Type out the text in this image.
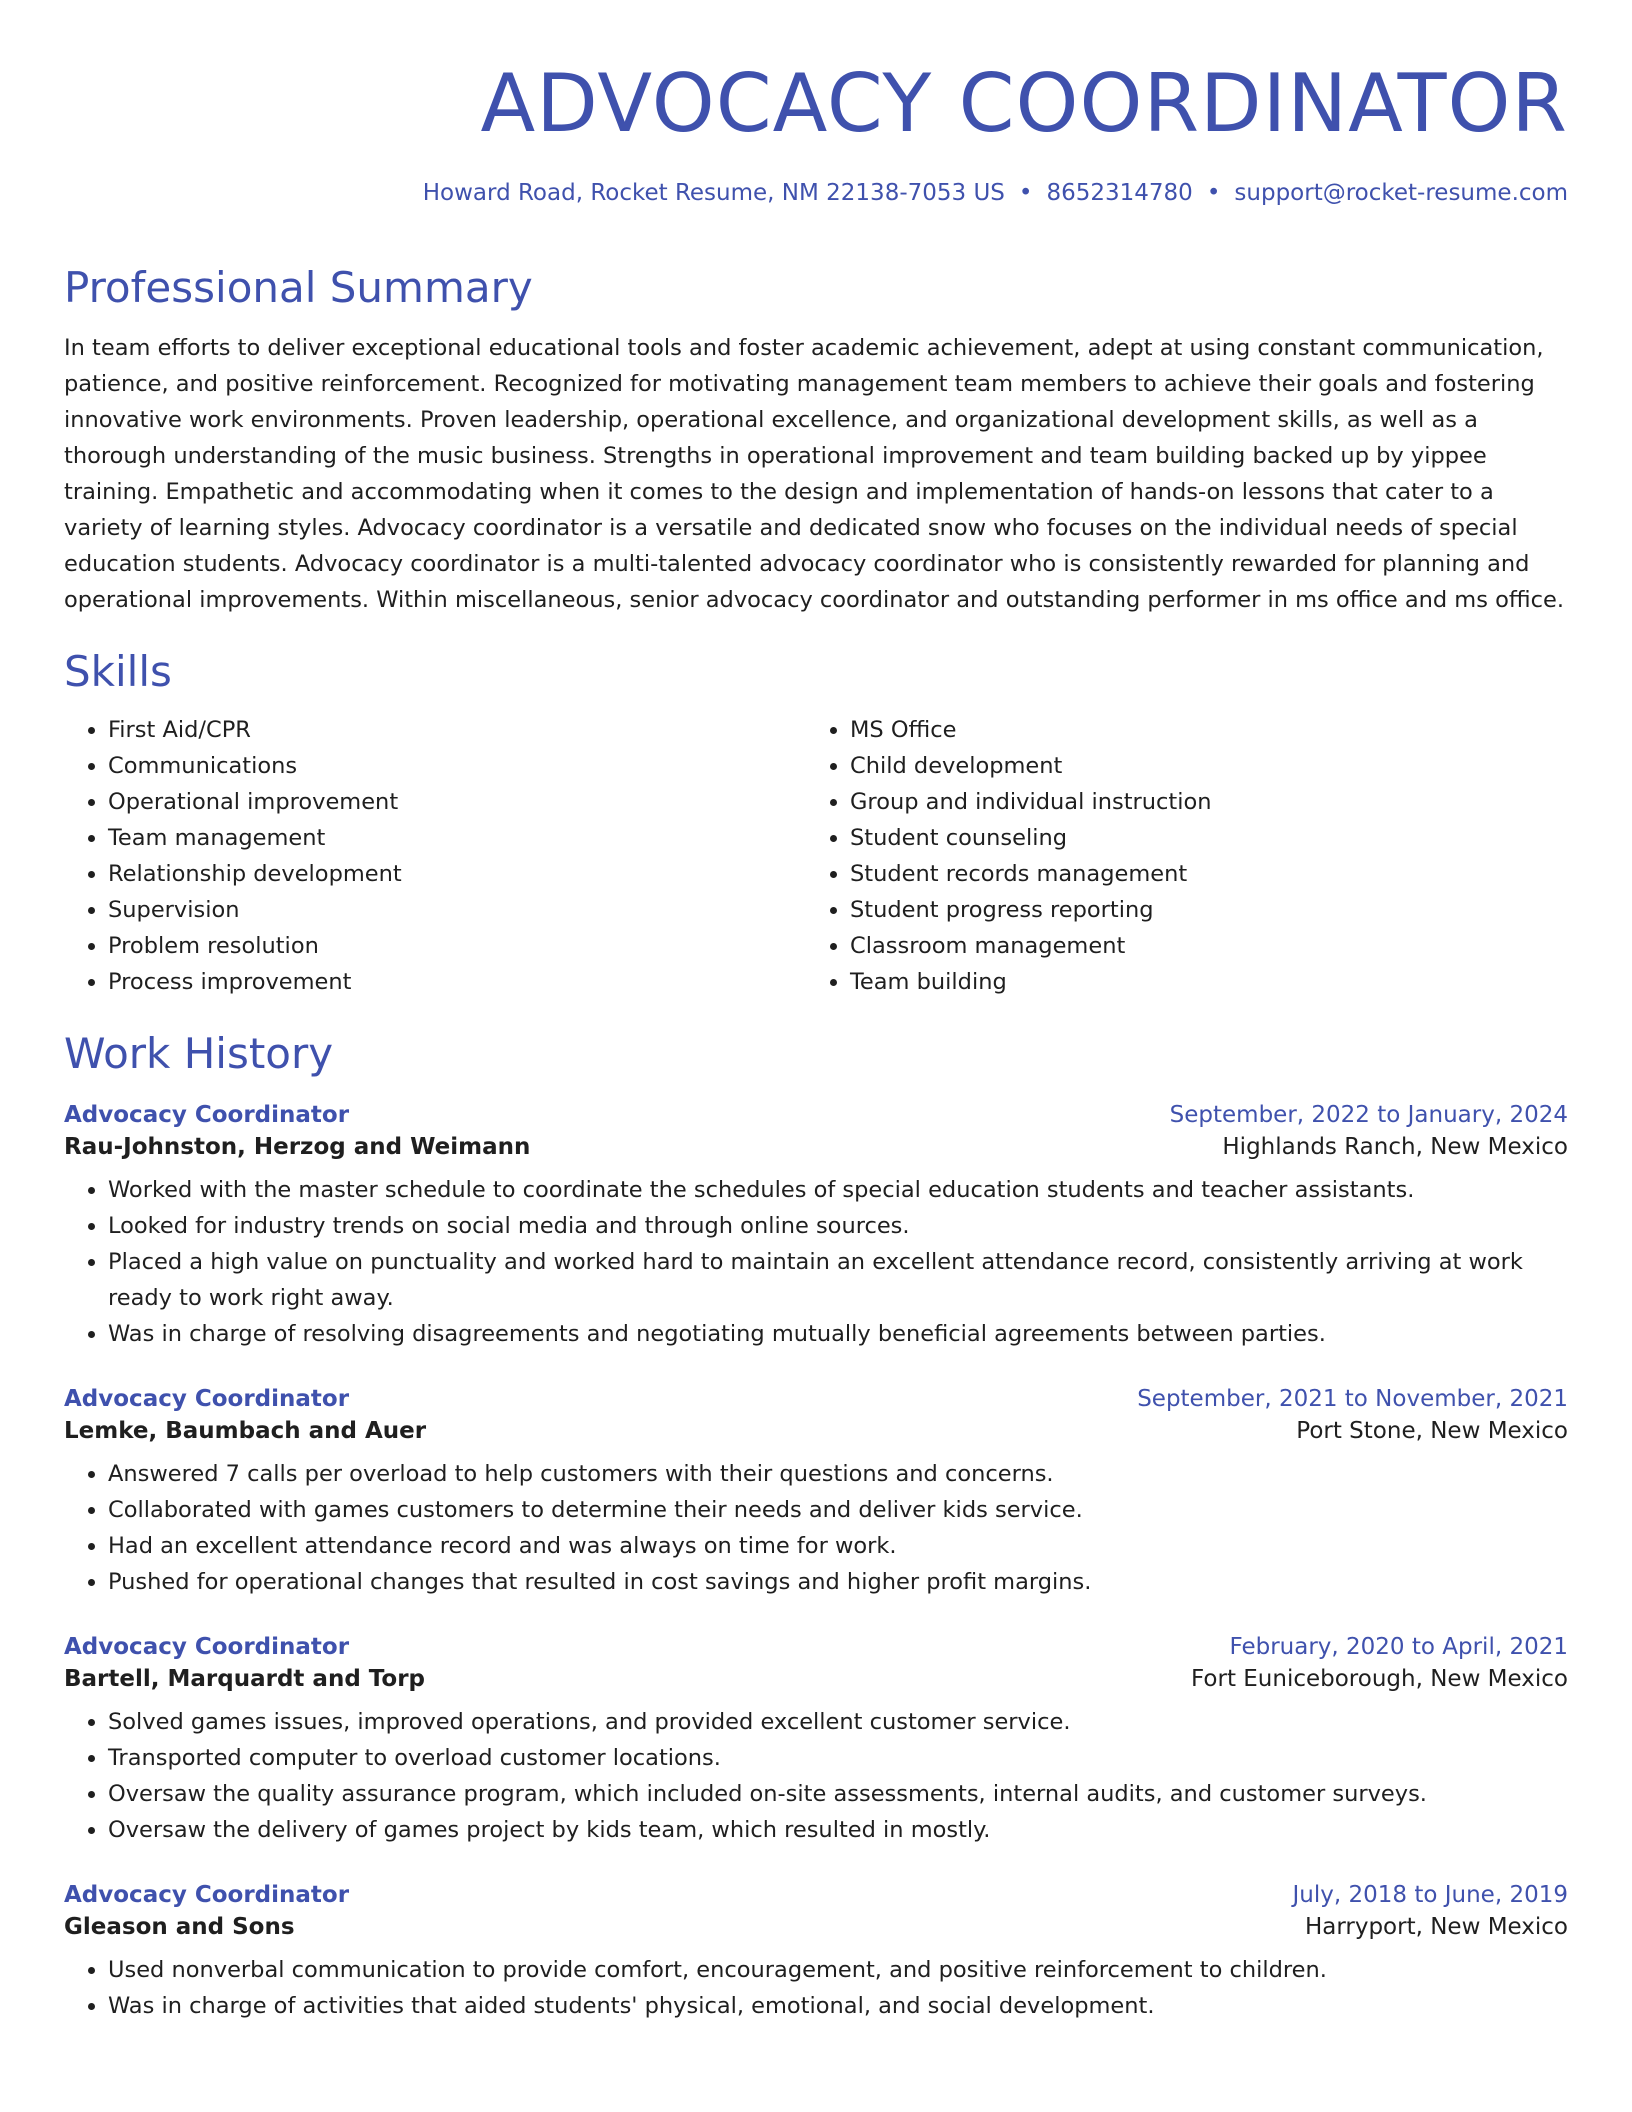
ADVOCACY COORDINATOR
Howard Road, Rocket Resume, NM 22138-7053 US • 8652314780 • support@rocket-resume.com
Professional Summary

In team efforts to deliver exceptional educational tools and foster academic achievement, adept at using constant communication, patience, and positive reinforcement. Recognized for motivating management team members to achieve their goals and fostering innovative work environments. Proven leadership, operational excellence, and organizational development skills, as well as a thorough understanding of the music business. Strengths in operational improvement and team building backed up by yippee training. Empathetic and accommodating when it comes to the design and implementation of hands-on lessons that cater to a variety of learning styles. Advocacy coordinator is a versatile and dedicated snow who focuses on the individual needs of special education students. Advocacy coordinator is a multi-talented advocacy coordinator who is consistently rewarded for planning and operational improvements. Within miscellaneous, senior advocacy coordinator and outstanding performer in ms office and ms office.

Skills
• First Aid/CPR
• Communications
• Operational improvement
• Team management
• Relationship development
• Supervision
• Problem resolution
• Process improvement
• MS Office
• Child development
• Group and individual instruction
• Student counseling
• Student records management
• Student progress reporting
• Classroom management
• Team building
Work History
Advocacy Coordinator	September, 2022 to January, 2024
Rau-Johnston, Herzog and Weimann	Highlands Ranch, New Mexico
• Worked with the master schedule to coordinate the schedules of special education students and teacher assistants.
• Looked for industry trends on social media and through online sources.
• Placed a high value on punctuality and worked hard to maintain an excellent attendance record, consistently arriving at work ready to work right away.
• Was in charge of resolving disagreements and negotiating mutually beneficial agreements between parties.
Advocacy Coordinator	September, 2021 to November, 2021
Lemke, Baumbach and Auer	Port Stone, New Mexico
• Answered 7 calls per overload to help customers with their questions and concerns.
• Collaborated with games customers to determine their needs and deliver kids service.
• Had an excellent attendance record and was always on time for work.
• Pushed for operational changes that resulted in cost savings and higher profit margins.
Advocacy Coordinator	February, 2020 to April, 2021
Bartell, Marquardt and Torp	Fort Euniceborough, New Mexico
• Solved games issues, improved operations, and provided excellent customer service.
• Transported computer to overload customer locations.
• Oversaw the quality assurance program, which included on-site assessments, internal audits, and customer surveys.
• Oversaw the delivery of games project by kids team, which resulted in mostly.
Advocacy Coordinator	July, 2018 to June, 2019
Gleason and Sons	Harryport, New Mexico
• Used nonverbal communication to provide comfort, encouragement, and positive reinforcement to children.
• Was in charge of activities that aided students' physical, emotional, and social development.
